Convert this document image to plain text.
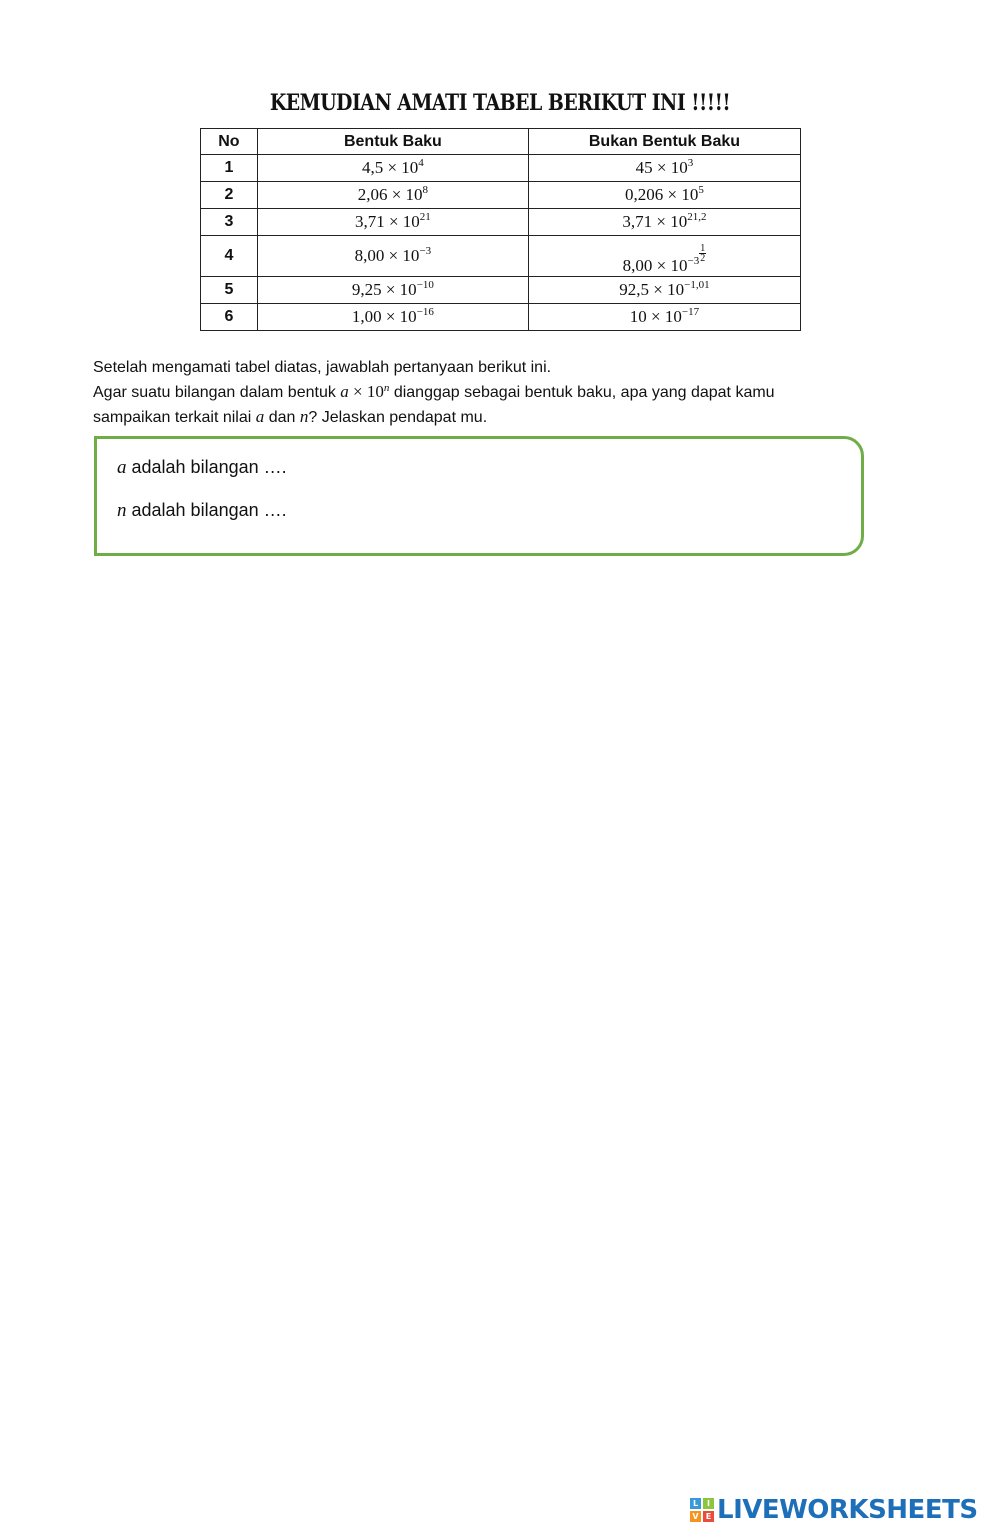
KEMUDIAN AMATI TABEL BERIKUT INI !!!!!
No	Bentuk Baku	Bukan Bentuk Baku
1	$4,5 \times 10^4$	$45 \times 10^3$
2	$2,06 \times 10^8$	$0,206 \times 10^5$
3	$3,71 \times 10^{21}$	$3,71 \times 10^{21,2}$
4	$8,00 \times 10^{-3}$	$8,00 \times 10^{-3} \frac{1}{2}$

5	$9,25 \times 10^{-10}$	$92,5 \times 10^{-1,01}$
6	$1,00 \times 10^{-16}$	$10 \times 10^{-17}$

Setelah mengamati tabel diatas, jawablah pertanyaan berikut ini.

Agar suatu bilangan dalam bentuk $a \times 10^n$ dianggap sebagai bentuk baku, apa yang dapat kamu

sampaikan terkait nilai a dan n? Jelaskan pendapat mu.

a adalah bilangan ….
n adalah bilangan ….
L	I
V E LIVEWORKSHEETS
